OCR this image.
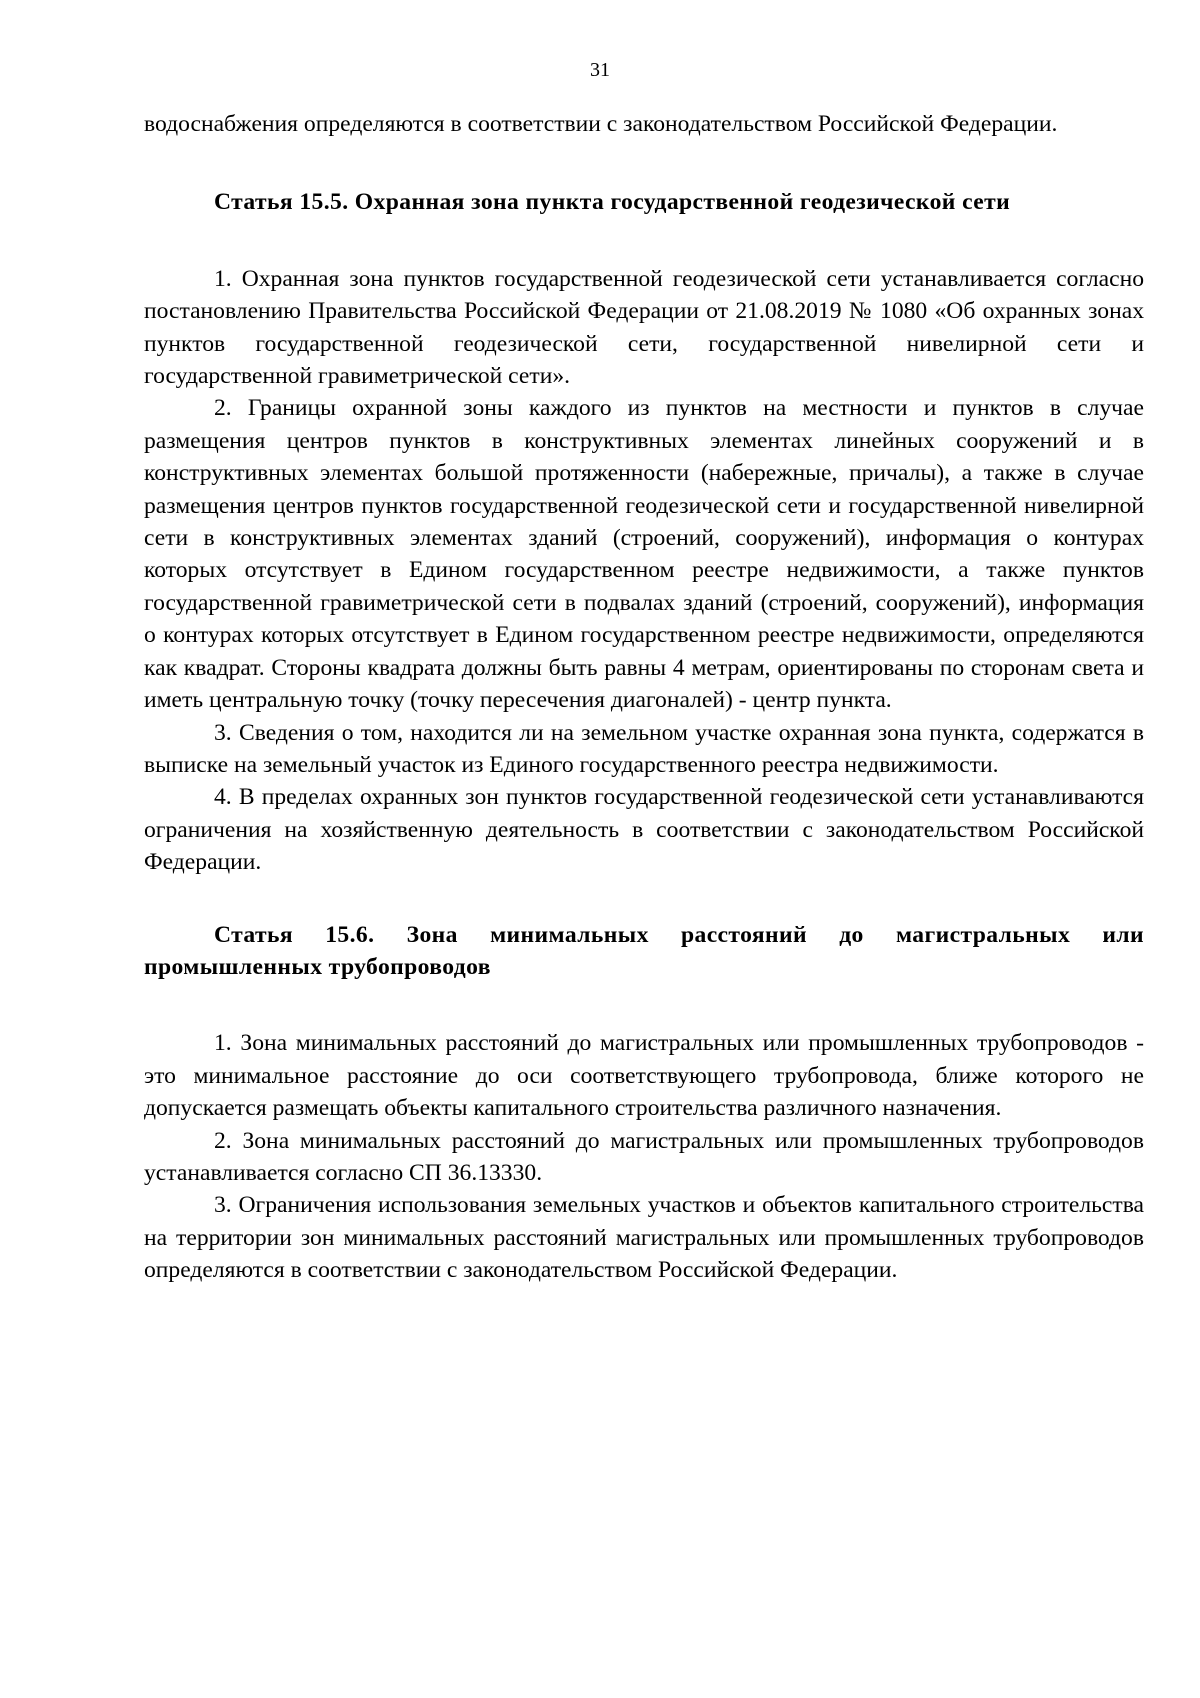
31

водоснабжения определяются в соответствии с законодательством Российской Федерации.

Статья 15.5. Охранная зона пункта государственной геодезической сети

1. Охранная зона пунктов государственной геодезической сети устанавливается согласно постановлению Правительства Российской Федерации от 21.08.2019 № 1080 «Об охранных зонах пунктов государственной геодезической сети, государственной нивелирной сети и государственной гравиметрической сети».

2. Границы охранной зоны каждого из пунктов на местности и пунктов в случае размещения центров пунктов в конструктивных элементах линейных сооружений и в конструктивных элементах большой протяженности (набережные, причалы), а также в случае размещения центров пунктов государственной геодезической сети и государственной нивелирной сети в конструктивных элементах зданий (строений, сооружений), информация о контурах которых отсутствует в Едином государственном реестре недвижимости, а также пунктов государственной гравиметрической сети в подвалах зданий (строений, сооружений), информация о контурах которых отсутствует в Едином государственном реестре недвижимости, определяются как квадрат. Стороны квадрата должны быть равны 4 метрам, ориентированы по сторонам света и иметь центральную точку (точку пересечения диагоналей) - центр пункта.

3. Сведения о том, находится ли на земельном участке охранная зона пункта, содержатся в выписке на земельный участок из Единого государственного реестра недвижимости.

4. В пределах охранных зон пунктов государственной геодезической сети устанавливаются ограничения на хозяйственную деятельность в соответствии с законодательством Российской Федерации.

Статья 15.6. Зона минимальных расстояний до магистральных или промышленных трубопроводов

1. Зона минимальных расстояний до магистральных или промышленных трубопроводов - это минимальное расстояние до оси соответствующего трубопровода, ближе которого не допускается размещать объекты капитального строительства различного назначения.

2. Зона минимальных расстояний до магистральных или промышленных трубопроводов устанавливается согласно СП 36.13330.

3. Ограничения использования земельных участков и объектов капитального строительства на территории зон минимальных расстояний магистральных или промышленных трубопроводов определяются в соответствии с законодательством Российской Федерации.
